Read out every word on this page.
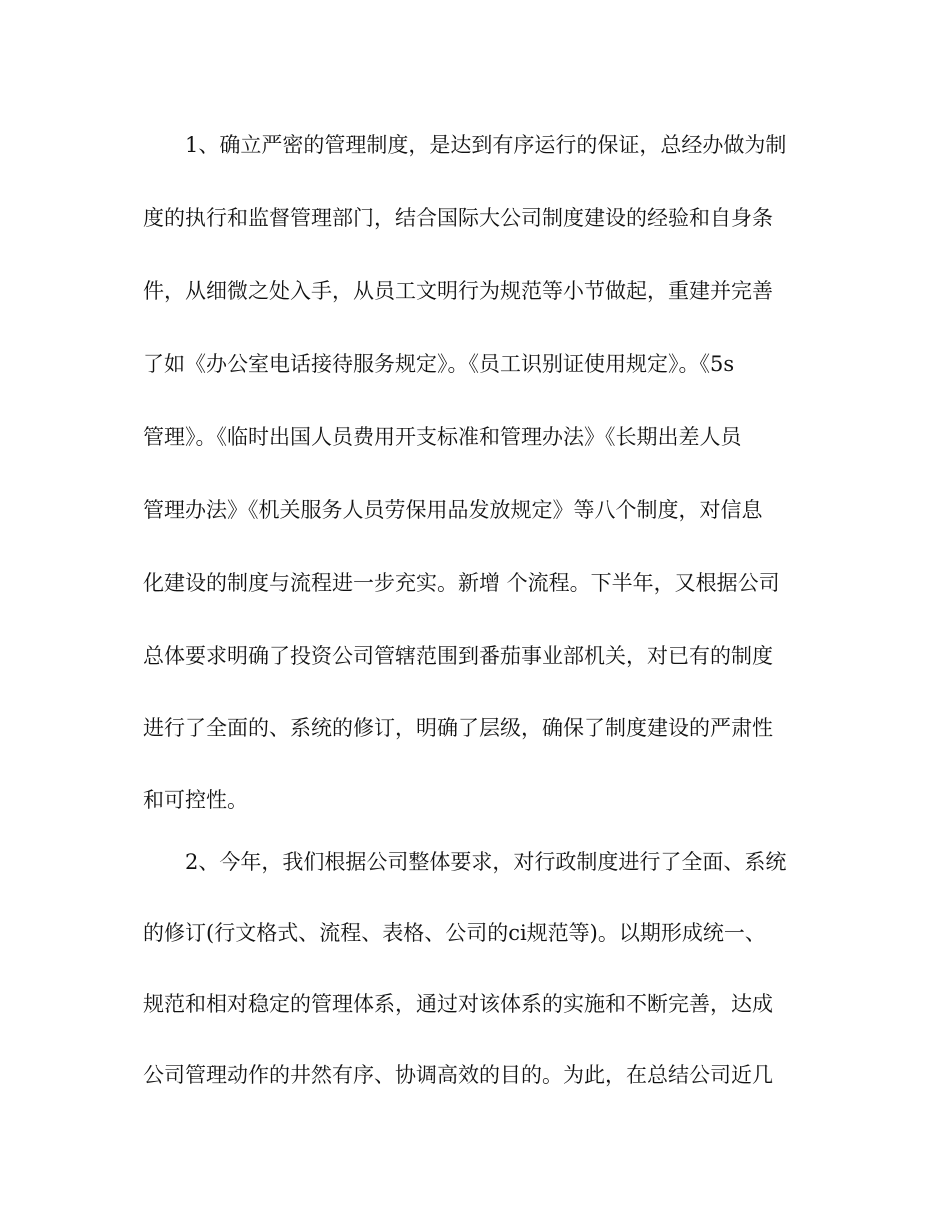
1、确立严密的管理制度，是达到有序运行的保证，总经办做为制
度的执行和监督管理部门，结合国际大公司制度建设的经验和自身条
件，从细微之处入手，从员工文明行为规范等小节做起，重建并完善
了如《办公室电话接待服务规定》。《员工识别证使用规定》。《5s
管理》。《临时出国人员费用开支标准和管理办法》《长期出差人员
管理办法》《机关服务人员劳保用品发放规定》等八个制度，对信息
化建设的制度与流程进一步充实。新增 个流程。下半年，又根据公司
总体要求明确了投资公司管辖范围到番茄事业部机关，对已有的制度
进行了全面的、系统的修订，明确了层级，确保了制度建设的严肃性
和可控性。
2、今年，我们根据公司整体要求，对行政制度进行了全面、系统
的修订(行文格式、流程、表格、公司的ci规范等)。以期形成统一、
规范和相对稳定的管理体系，通过对该体系的实施和不断完善，达成
公司管理动作的井然有序、协调高效的目的。为此，在总结公司近几
